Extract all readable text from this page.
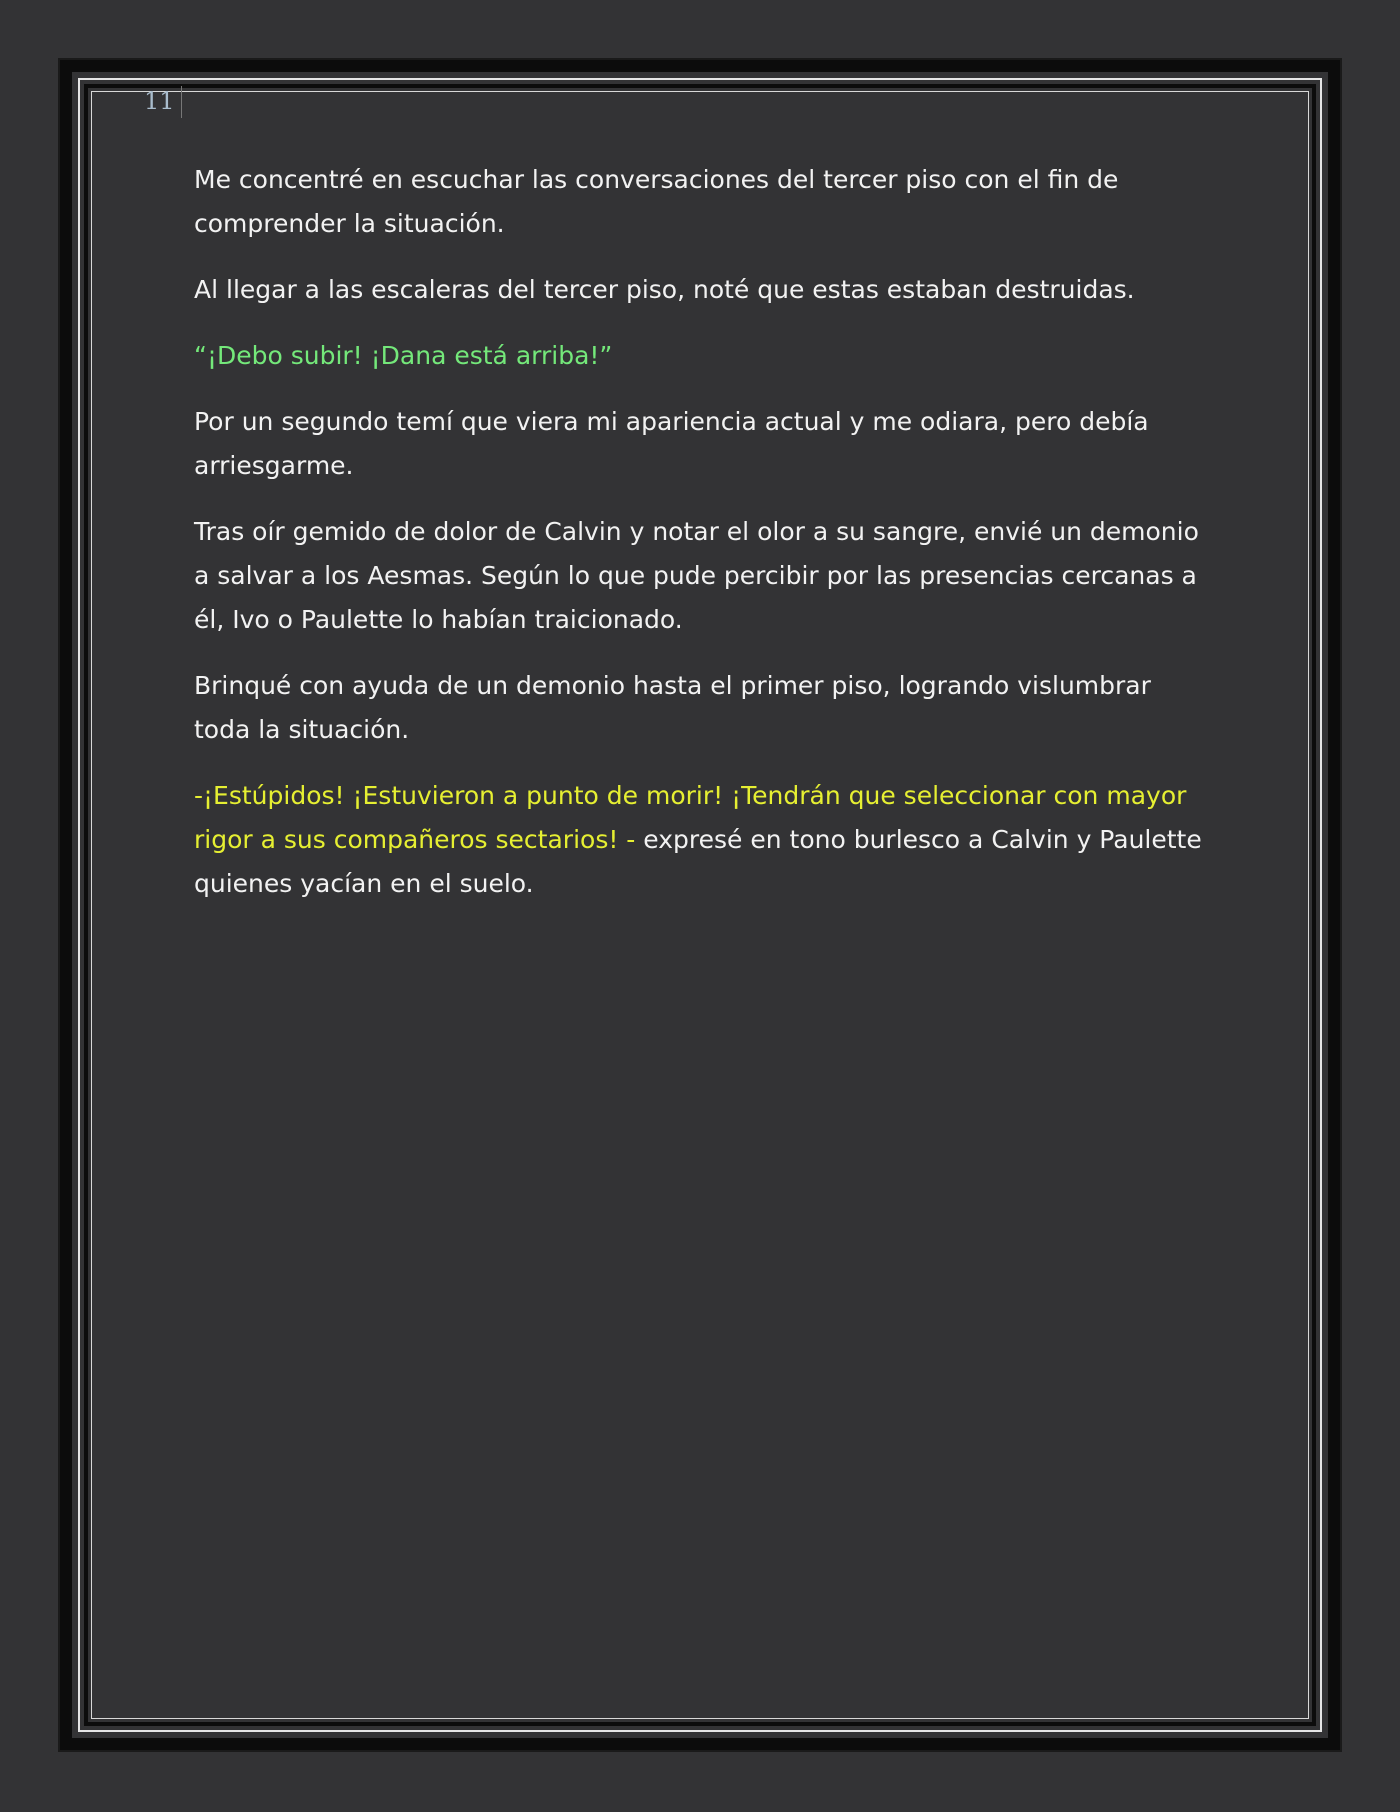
11

Me concentré en escuchar las conversaciones del tercer piso con el fin de comprender la situación.

Al llegar a las escaleras del tercer piso, noté que estas estaban destruidas.

“¡Debo subir! ¡Dana está arriba!”

Por un segundo temí que viera mi apariencia actual y me odiara, pero debía arriesgarme.

Tras oír gemido de dolor de Calvin y notar el olor a su sangre, envié un demonio a salvar a los Aesmas. Según lo que pude percibir por las presencias cercanas a él, Ivo o Paulette lo habían traicionado.

Brinqué con ayuda de un demonio hasta el primer piso, logrando vislumbrar toda la situación.

-¡Estúpidos! ¡Estuvieron a punto de morir! ¡Tendrán que seleccionar con mayor rigor a sus compañeros sectarios! - expresé en tono burlesco a Calvin y Paulette quienes yacían en el suelo.
